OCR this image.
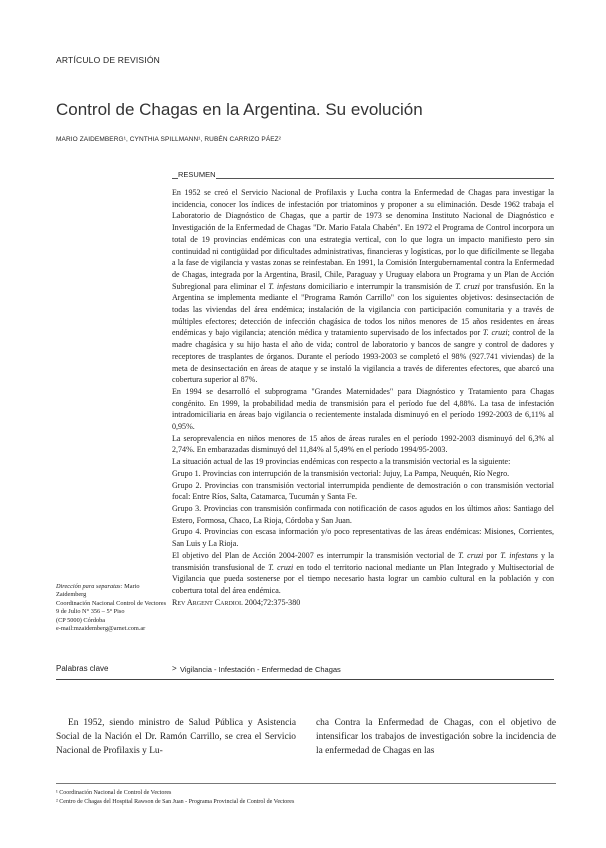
ARTÍCULO DE REVISIÓN
Control de Chagas en la Argentina. Su evolución
MARIO ZAIDEMBERG¹, CYNTHIA SPILLMANN¹, RUBÉN CARRIZO PÁEZ²
RESUMEN

En 1952 se creó el Servicio Nacional de Profilaxis y Lucha contra la Enfermedad de Chagas para investigar la incidencia, conocer los índices de infestación por triatominos y proponer a su eliminación. Desde 1962 trabaja el Laboratorio de Diagnóstico de Chagas, que a partir de 1973 se denomina Instituto Nacional de Diagnóstico e Investigación de la Enfermedad de Chagas "Dr. Mario Fatala Chabén". En 1972 el Programa de Control incorpora un total de 19 provincias endémicas con una estrategia vertical, con lo que logra un impacto manifiesto pero sin continuidad ni contigüidad por dificultades administrativas, financieras y logísticas, por lo que difícilmente se llegaba a la fase de vigilancia y vastas zonas se reinfestaban. En 1991, la Comisión Intergubernamental contra la Enfermedad de Chagas, integrada por la Argentina, Brasil, Chile, Paraguay y Uruguay elabora un Programa y un Plan de Acción Subregional para eliminar el T. infestans domiciliario e interrumpir la transmisión de T. cruzi por transfusión. En la Argentina se implementa mediante el "Programa Ramón Carrillo" con los siguientes objetivos: desinsectación de todas las viviendas del área endémica; instalación de la vigilancia con participación comunitaria y a través de múltiples efectores; detección de infección chagásica de todos los niños menores de 15 años residentes en áreas endémicas y bajo vigilancia; atención médica y tratamiento supervisado de los infectados por T. cruzi; control de la madre chagásica y su hijo hasta el año de vida; control de laboratorio y bancos de sangre y control de dadores y receptores de trasplantes de órganos. Durante el período 1993-2003 se completó el 98% (927.741 viviendas) de la meta de desinsectación en áreas de ataque y se instaló la vigilancia a través de diferentes efectores, que abarcó una cobertura superior al 87%.

En 1994 se desarrolló el subprograma "Grandes Maternidades" para Diagnóstico y Tratamiento para Chagas congénito. En 1999, la probabilidad media de transmisión para el período fue del 4,88%. La tasa de infestación intradomiciliaria en áreas bajo vigilancia o recientemente instalada disminuyó en el período 1992-2003 de 6,11% al 0,95%.

La seroprevalencia en niños menores de 15 años de áreas rurales en el período 1992-2003 disminuyó del 6,3% al 2,74%. En embarazadas disminuyó del 11,84% al 5,49% en el período 1994/95-2003.

La situación actual de las 19 provincias endémicas con respecto a la transmisión vectorial es la siguiente:

Grupo 1. Provincias con interrupción de la transmisión vectorial: Jujuy, La Pampa, Neuquén, Río Negro.

Grupo 2. Provincias con transmisión vectorial interrumpida pendiente de demostración o con transmisión vectorial focal: Entre Ríos, Salta, Catamarca, Tucumán y Santa Fe.

Grupo 3. Provincias con transmisión confirmada con notificación de casos agudos en los últimos años: Santiago del Estero, Formosa, Chaco, La Rioja, Córdoba y San Juan.

Grupo 4. Provincias con escasa información y/o poco representativas de las áreas endémicas: Misiones, Corrientes, San Luis y La Rioja.

El objetivo del Plan de Acción 2004-2007 es interrumpir la transmisión vectorial de T. cruzi por T. infestans y la transmisión transfusional de T. cruzi en todo el territorio nacional mediante un Plan Integrado y Multisectorial de Vigilancia que pueda sostenerse por el tiempo necesario hasta lograr un cambio cultural en la población y con cobertura total del área endémica.

Rev Argent Cardiol 2004;72:375-380

Dirección para separatas: Mario Zaidemberg

Coordinación Nacional Control de Vectores

9 de Julio N° 356 – 5° Piso

(CP 5000) Córdoba

e-mail:mzaidemberg@arnet.com.ar

Palabras clave	> Vigilancia - Infestación - Enfermedad de Chagas

En 1952, siendo ministro de Salud Pública y Asistencia Social de la Nación el Dr. Ramón Carrillo, se crea el Servicio Nacional de Profilaxis y Lu-

cha Contra la Enfermedad de Chagas, con el objetivo de intensificar los trabajos de investigación sobre la incidencia de la enfermedad de Chagas en las

¹ Coordinación Nacional de Control de Vectores

² Centro de Chagas del Hospital Rawson de San Juan - Programa Provincial de Control de Vectores
